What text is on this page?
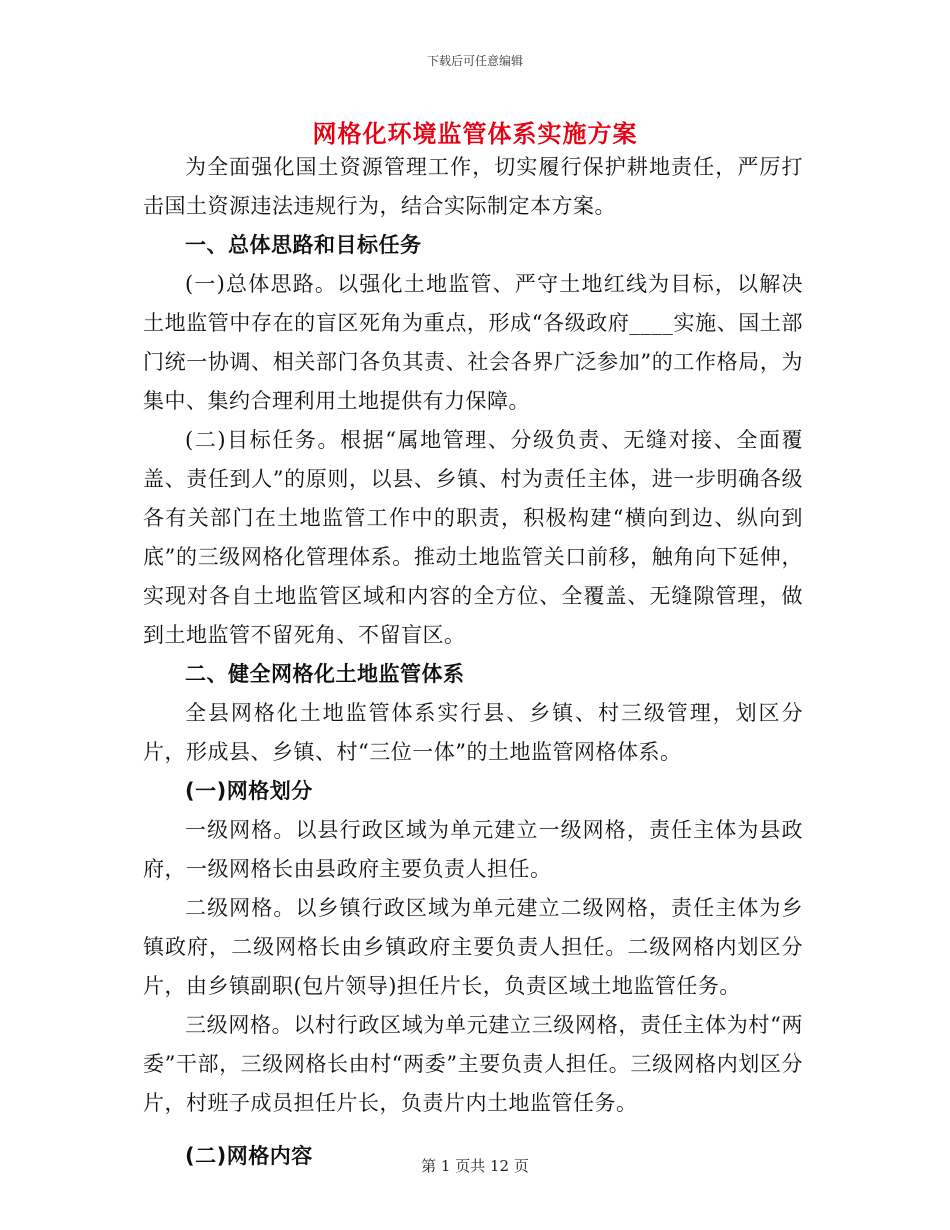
下载后可任意编辑
网格化环境监管体系实施方案

为全面强化国土资源管理工作，切实履行保护耕地责任，严厉打击国土资源违法违规行为，结合实际制定本方案。

一、总体思路和目标任务

(一)总体思路。以强化土地监管、严守土地红线为目标，以解决土地监管中存在的盲区死角为重点，形成“各级政府____实施、国土部门统一协调、相关部门各负其责、社会各界广泛参加”的工作格局，为集中、集约合理利用土地提供有力保障。

(二)目标任务。根据“属地管理、分级负责、无缝对接、全面覆盖、责任到人”的原则，以县、乡镇、村为责任主体，进一步明确各级各有关部门在土地监管工作中的职责，积极构建“横向到边、纵向到底”的三级网格化管理体系。推动土地监管关口前移，触角向下延伸，实现对各自土地监管区域和内容的全方位、全覆盖、无缝隙管理，做到土地监管不留死角、不留盲区。

二、健全网格化土地监管体系

全县网格化土地监管体系实行县、乡镇、村三级管理，划区分片，形成县、乡镇、村“三位一体”的土地监管网格体系。

(一)网格划分

一级网格。以县行政区域为单元建立一级网格，责任主体为县政府，一级网格长由县政府主要负责人担任。

二级网格。以乡镇行政区域为单元建立二级网格，责任主体为乡镇政府，二级网格长由乡镇政府主要负责人担任。二级网格内划区分片，由乡镇副职(包片领导)担任片长，负责区域土地监管任务。

三级网格。以村行政区域为单元建立三级网格，责任主体为村“两委”干部，三级网格长由村“两委”主要负责人担任。三级网格内划区分片，村班子成员担任片长，负责片内土地监管任务。

(二)网格内容	第 1 页共 12 页
